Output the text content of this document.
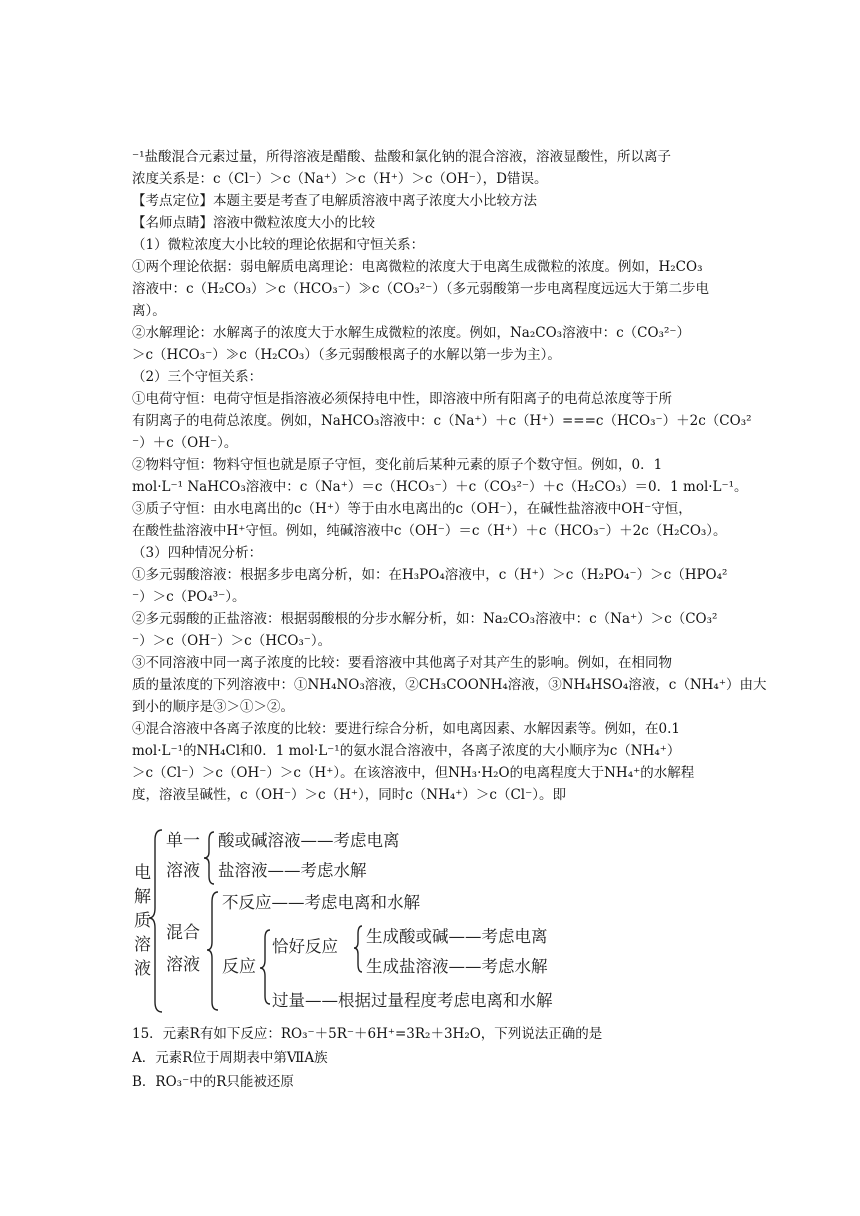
⁻¹盐酸混合元素过量，所得溶液是醋酸、盐酸和氯化钠的混合溶液，溶液显酸性，所以离子
浓度关系是：c（Cl⁻）＞c（Na⁺）＞c（H⁺）＞c（OH⁻），D错误。
【考点定位】本题主要是考查了电解质溶液中离子浓度大小比较方法
【名师点睛】溶液中微粒浓度大小的比较
（1）微粒浓度大小比较的理论依据和守恒关系：
①两个理论依据：弱电解质电离理论：电离微粒的浓度大于电离生成微粒的浓度。例如，H₂CO₃
溶液中：c（H₂CO₃）＞c（HCO₃⁻）≫c（CO₃²⁻）（多元弱酸第一步电离程度远远大于第二步电
离）。
②水解理论：水解离子的浓度大于水解生成微粒的浓度。例如，Na₂CO₃溶液中：c（CO₃²⁻）
＞c（HCO₃⁻）≫c（H₂CO₃）（多元弱酸根离子的水解以第一步为主）。
（2）三个守恒关系：
①电荷守恒：电荷守恒是指溶液必须保持电中性，即溶液中所有阳离子的电荷总浓度等于所
有阴离子的电荷总浓度。例如，NaHCO₃溶液中：c（Na⁺）＋c（H⁺）===c（HCO₃⁻）＋2c（CO₃²
⁻）＋c（OH⁻）。
②物料守恒：物料守恒也就是原子守恒，变化前后某种元素的原子个数守恒。例如，0．1
mol·L⁻¹ NaHCO₃溶液中：c（Na⁺）＝c（HCO₃⁻）＋c（CO₃²⁻）＋c（H₂CO₃）＝0．1 mol·L⁻¹。
③质子守恒：由水电离出的c（H⁺）等于由水电离出的c（OH⁻），在碱性盐溶液中OH⁻守恒，
在酸性盐溶液中H⁺守恒。例如，纯碱溶液中c（OH⁻）＝c（H⁺）＋c（HCO₃⁻）＋2c（H₂CO₃）。
（3）四种情况分析：
①多元弱酸溶液：根据多步电离分析，如：在H₃PO₄溶液中，c（H⁺）＞c（H₂PO₄⁻）＞c（HPO₄²
⁻）＞c（PO₄³⁻）。
②多元弱酸的正盐溶液：根据弱酸根的分步水解分析，如：Na₂CO₃溶液中：c（Na⁺）＞c（CO₃²
⁻）＞c（OH⁻）＞c（HCO₃⁻）。
③不同溶液中同一离子浓度的比较：要看溶液中其他离子对其产生的影响。例如，在相同物
质的量浓度的下列溶液中：①NH₄NO₃溶液，②CH₃COONH₄溶液，③NH₄HSO₄溶液，c（NH₄⁺）由大
到小的顺序是③＞①＞②。
④混合溶液中各离子浓度的比较：要进行综合分析，如电离因素、水解因素等。例如，在0.1
mol·L⁻¹的NH₄Cl和0．1 mol·L⁻¹的氨水混合溶液中，各离子浓度的大小顺序为c（NH₄⁺）
＞c（Cl⁻）＞c（OH⁻）＞c（H⁺）。在该溶液中，但NH₃·H₂O的电离程度大于NH₄⁺的水解程
度，溶液呈碱性，c（OH⁻）＞c（H⁺），同时c（NH₄⁺）＞c（Cl⁻）。即
电
解
质
溶
液
单一
溶液
酸或碱溶液——考虑电离
盐溶液——考虑水解
混合
溶液
不反应——考虑电离和水解
反应
恰好反应
生成酸或碱——考虑电离
生成盐溶液——考虑水解
过量——根据过量程度考虑电离和水解
15．元素R有如下反应：RO₃⁻＋5R⁻＋6H⁺=3R₂＋3H₂O，下列说法正确的是
A．元素R位于周期表中第ⅦA族
B．RO₃⁻中的R只能被还原
